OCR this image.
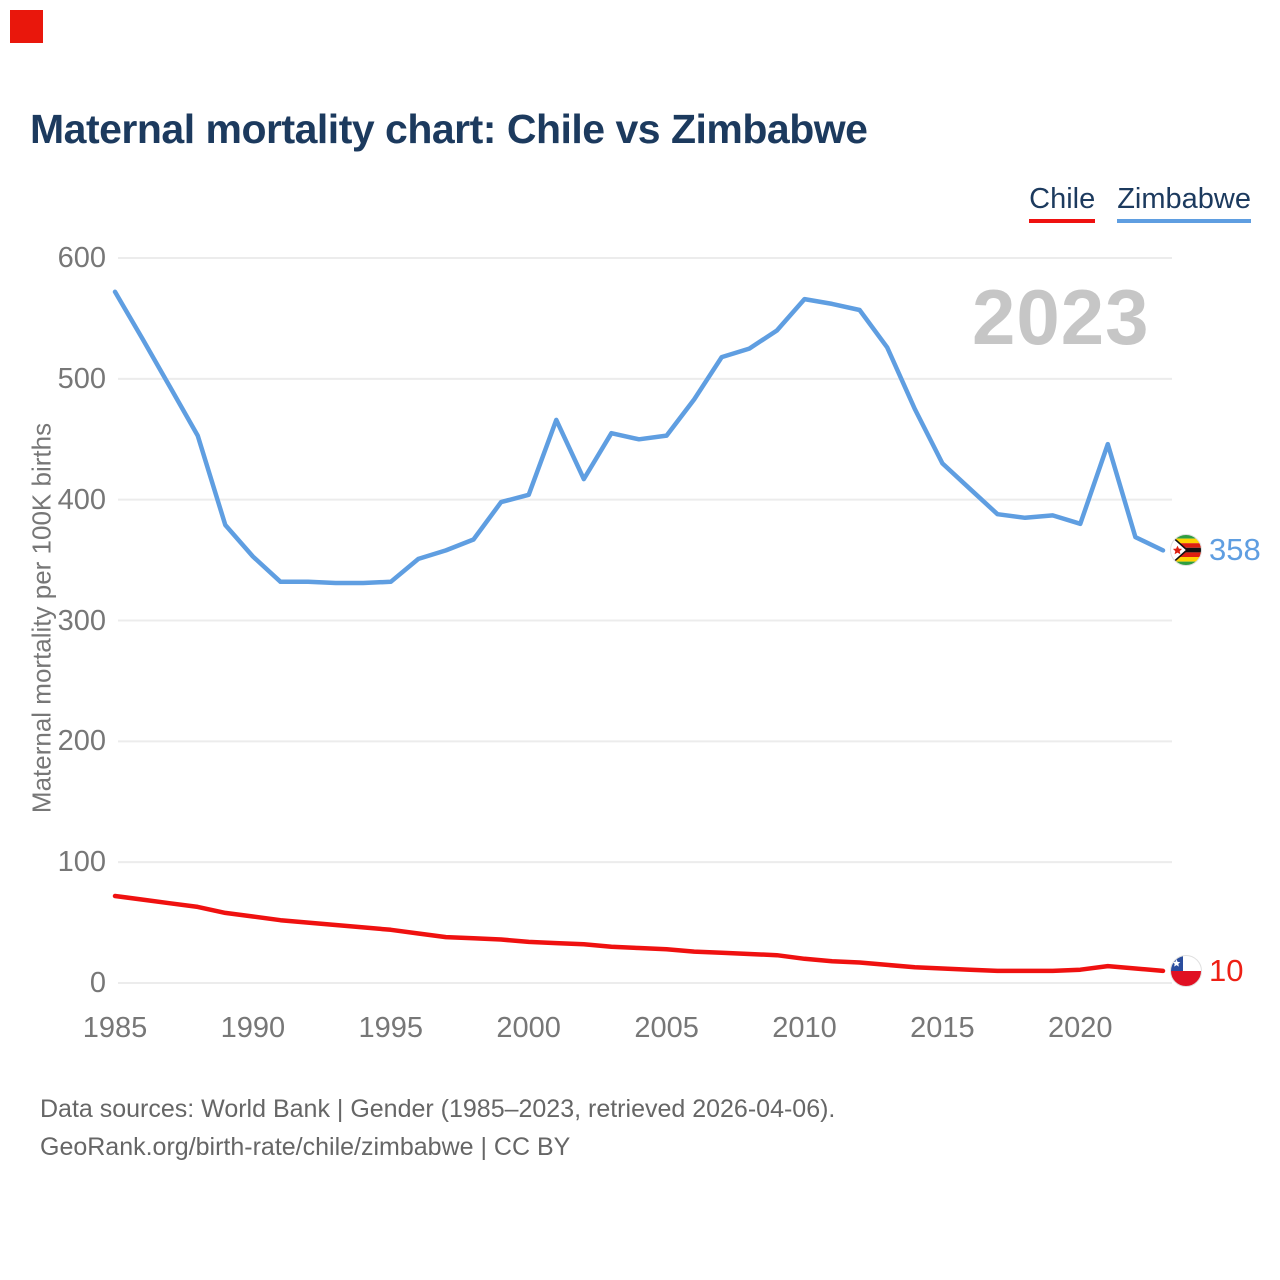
Maternal mortality chart: Chile vs Zimbabwe
Chile Zimbabwe
2023
0
100
200
300
400
500
600
1985	1990	1995	2000	2005	2010	2015	2020
Maternal mortality per 100K births	358
10
Data sources: World Bank | Gender (1985–2023, retrieved 2026-04-06).
GeoRank.org/birth-rate/chile/zimbabwe | CC BY
